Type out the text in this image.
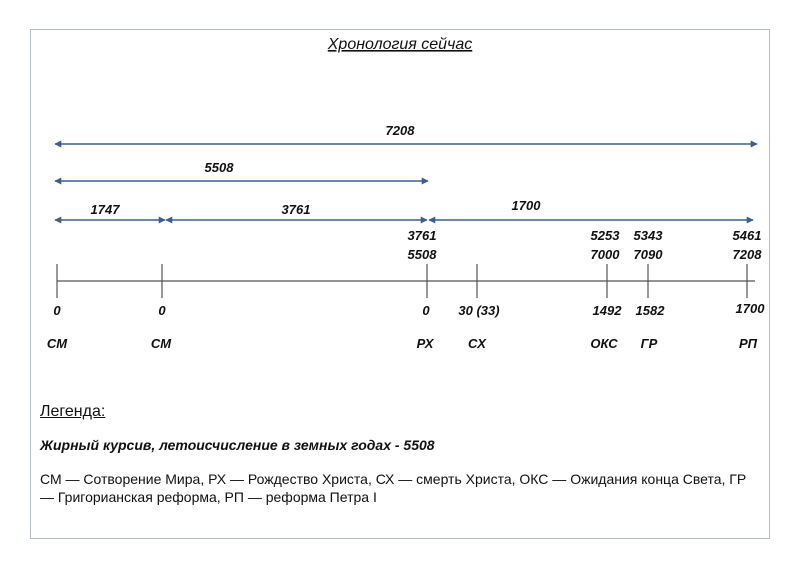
Хронология сейчас
7208
5508
1747	3761	1700
3761
5508
5253
7000
5343
7090
5461
7208
0	0	0 30 (33)	1492 1582	1700
СМ	СМ	РХ	СХ	ОКС ГР	РП

Легенда:

Жирный курсив, летоисчисление в земных годах - 5508

СМ — Сотворение Мира, РХ — Рождество Христа, СХ — смерть Христа, ОКС — Ожидания конца Света, ГР — Григорианская реформа, РП — реформа Петра I
